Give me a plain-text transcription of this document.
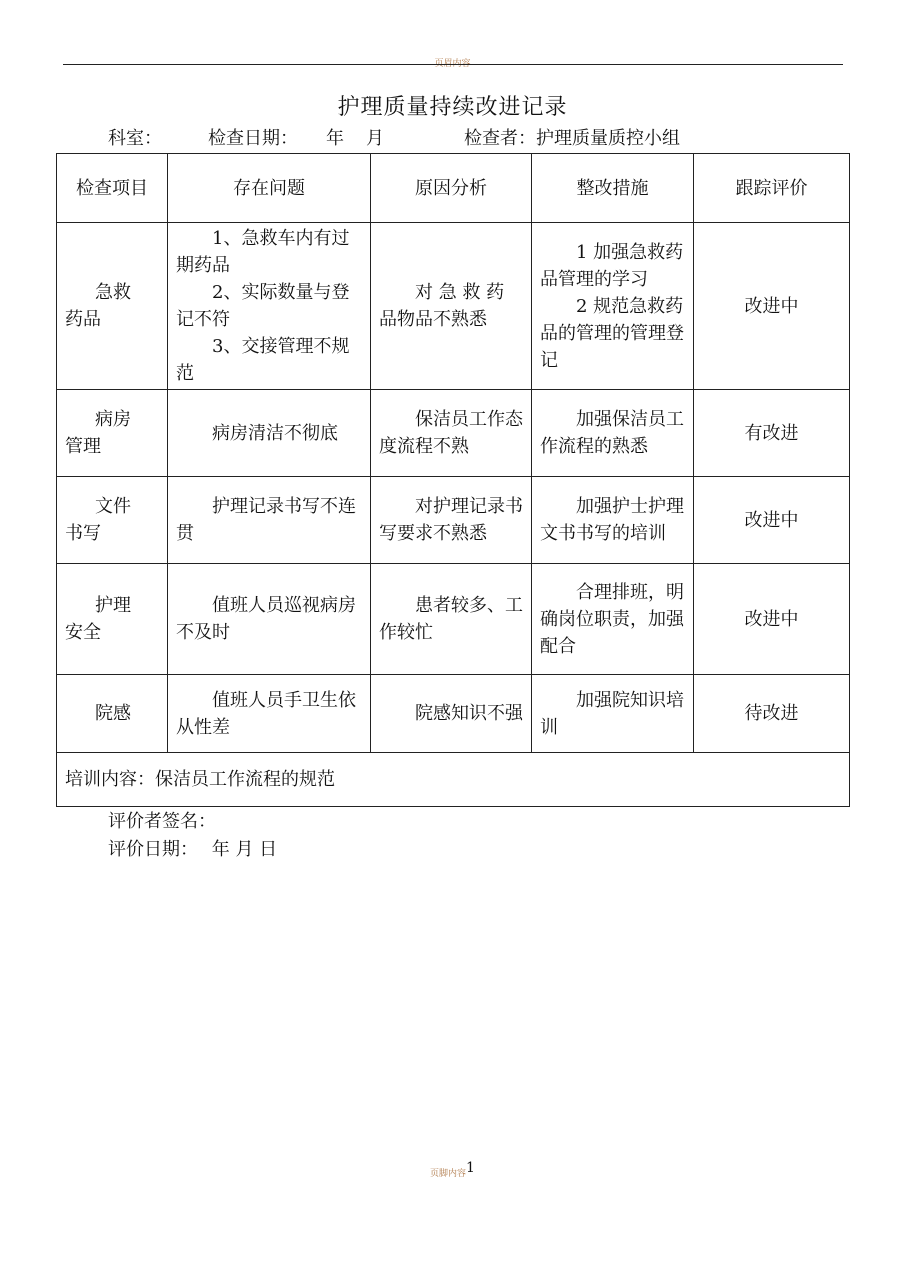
页眉内容
护理质量持续改进记录
科室：	检查日期： 年 月	检查者：护理质量质控小组
检查项目	存在问题	原因分析	整改措施	跟踪评价

急救
药品	　　1、急救车内有过期药品
　　2、实际数量与登记不符
　　3、交接管理不规范	　　对 急 救 药 品物品不熟悉	　　1 加强急救药品管理的学习
　　2 规范急救药品的管理的管理登记	改进中

病房
管理	　　病房清洁不彻底	　　保洁员工作态度流程不熟	　　加强保洁员工作流程的熟悉	有改进

文件
书写	　　护理记录书写不连贯	　　对护理记录书写要求不熟悉	　　加强护士护理文书书写的培训	改进中

护理
安全	　　值班人员巡视病房不及时	　　患者较多、工作较忙	　　合理排班，明确岗位职责，加强配合	改进中

院感	　　值班人员手卫生依从性差	　　院感知识不强	　　加强院知识培训	待改进
培训内容：保洁员工作流程的规范				
评价者签名：
评价日期： 年 月 日
页脚内容1
